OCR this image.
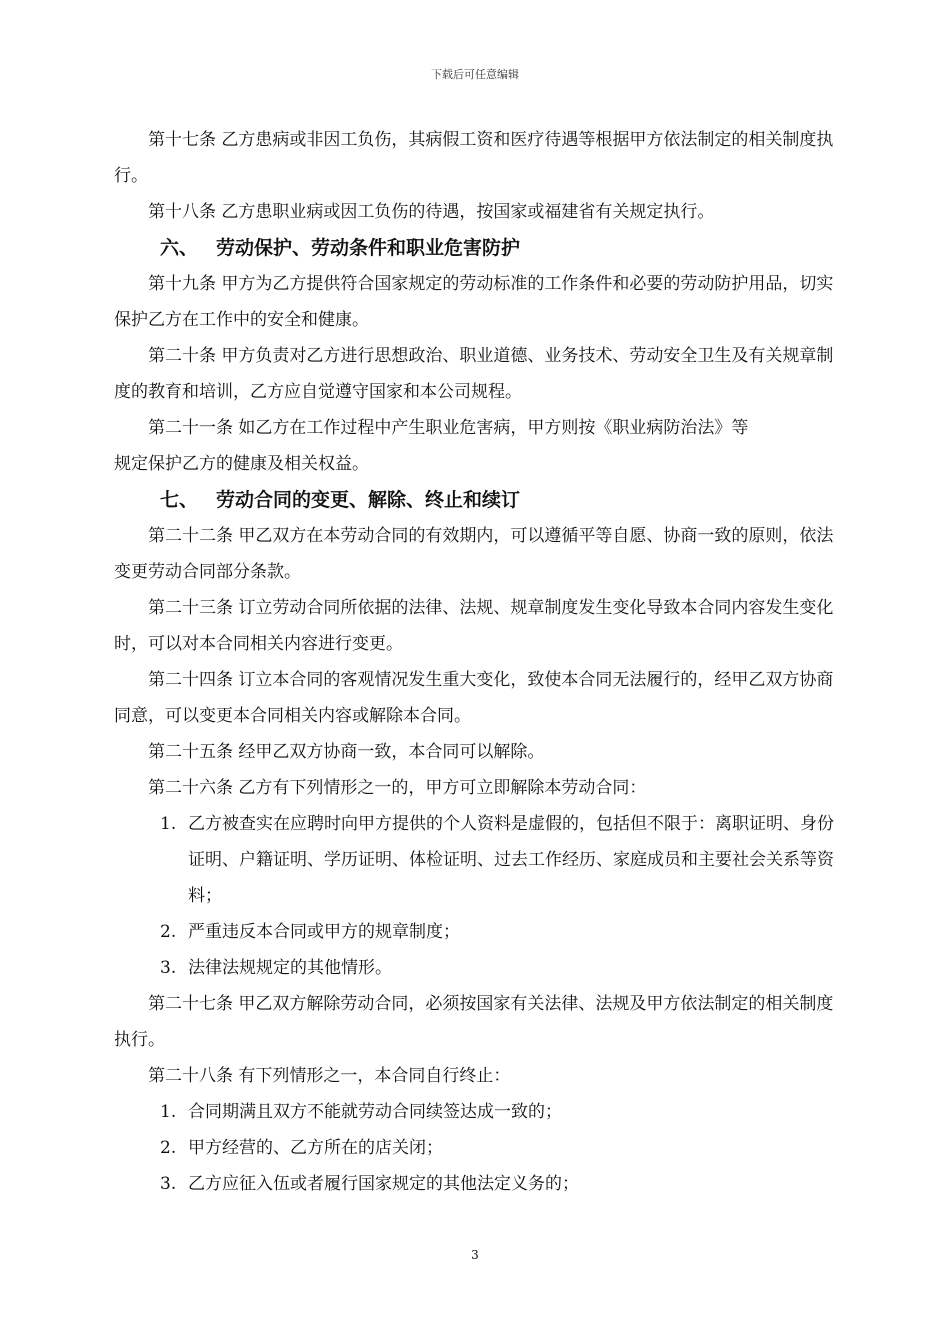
下载后可任意编辑

第十七条 乙方患病或非因工负伤，其病假工资和医疗待遇等根据甲方依法制定的相关制度执行。

第十八条 乙方患职业病或因工负伤的待遇，按国家或福建省有关规定执行。

六、 劳动保护、劳动条件和职业危害防护

第十九条 甲方为乙方提供符合国家规定的劳动标准的工作条件和必要的劳动防护用品，切实保护乙方在工作中的安全和健康。

第二十条 甲方负责对乙方进行思想政治、职业道德、业务技术、劳动安全卫生及有关规章制度的教育和培训，乙方应自觉遵守国家和本公司规程。

第二十一条 如乙方在工作过程中产生职业危害病，甲方则按《职业病防治法》等

规定保护乙方的健康及相关权益。

七、 劳动合同的变更、解除、终止和续订

第二十二条 甲乙双方在本劳动合同的有效期内，可以遵循平等自愿、协商一致的原则，依法变更劳动合同部分条款。

第二十三条 订立劳动合同所依据的法律、法规、规章制度发生变化导致本合同内容发生变化时，可以对本合同相关内容进行变更。

第二十四条 订立本合同的客观情况发生重大变化，致使本合同无法履行的，经甲乙双方协商同意，可以变更本合同相关内容或解除本合同。

第二十五条 经甲乙双方协商一致，本合同可以解除。

第二十六条 乙方有下列情形之一的，甲方可立即解除本劳动合同：

1. 乙方被查实在应聘时向甲方提供的个人资料是虚假的，包括但不限于：离职证明、身份证明、户籍证明、学历证明、体检证明、过去工作经历、家庭成员和主要社会关系等资料；

2. 严重违反本合同或甲方的规章制度；

3. 法律法规规定的其他情形。

第二十七条 甲乙双方解除劳动合同，必须按国家有关法律、法规及甲方依法制定的相关制度执行。

第二十八条 有下列情形之一，本合同自行终止：

1. 合同期满且双方不能就劳动合同续签达成一致的；

2. 甲方经营的、乙方所在的店关闭；

3. 乙方应征入伍或者履行国家规定的其他法定义务的；

3
